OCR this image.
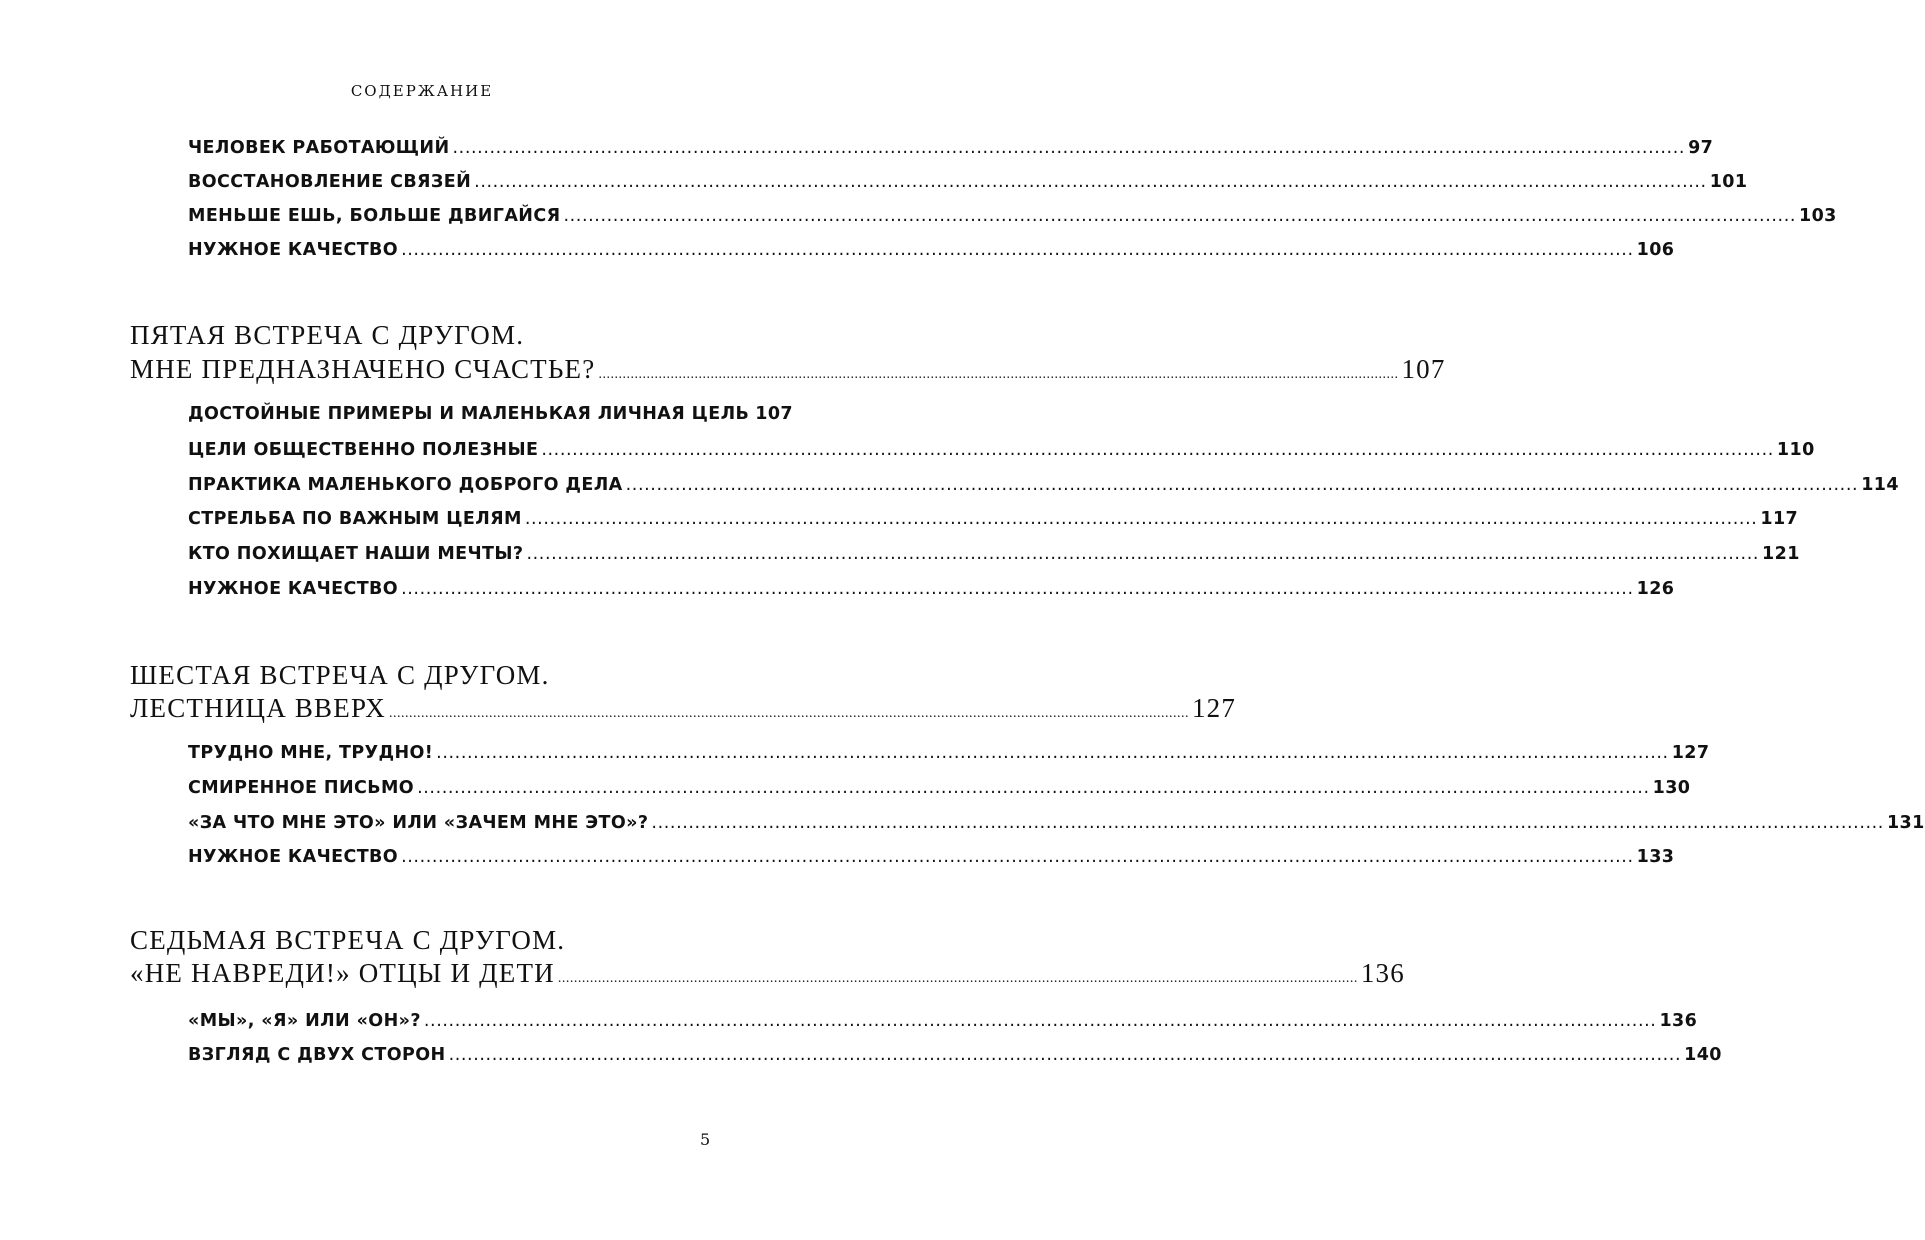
СОДЕРЖАНИЕ
ЧЕЛОВЕК РАБОТАЮЩИЙ .....	97
ВОССТАНОВЛЕНИЕ СВЯЗЕЙ .....	101
МЕНЬШЕ ЕШЬ, БОЛЬШЕ ДВИГАЙСЯ .....	103
НУЖНОЕ КАЧЕСТВО .....	106
ПЯТАЯ ВСТРЕЧА С ДРУГОМ.
МНЕ ПРЕДНАЗНАЧЕНО СЧАСТЬЕ? .....	107
ДОСТОЙНЫЕ ПРИМЕРЫ И МАЛЕНЬКАЯ ЛИЧНАЯ ЦЕЛЬ 107
ЦЕЛИ ОБЩЕСТВЕННО ПОЛЕЗНЫЕ .....	110
ПРАКТИКА МАЛЕНЬКОГО ДОБРОГО ДЕЛА .....	114
СТРЕЛЬБА ПО ВАЖНЫМ ЦЕЛЯМ .....	117
КТО ПОХИЩАЕТ НАШИ МЕЧТЫ? .....	121
НУЖНОЕ КАЧЕСТВО .....	126
ШЕСТАЯ ВСТРЕЧА С ДРУГОМ.
ЛЕСТНИЦА ВВЕРХ .....	127
ТРУДНО МНЕ, ТРУДНО! .....	127
СМИРЕННОЕ ПИСЬМО .....	130
«ЗА ЧТО МНЕ ЭТО» ИЛИ «ЗАЧЕМ МНЕ ЭТО»? .....	131
НУЖНОЕ КАЧЕСТВО .....	133
СЕДЬМАЯ ВСТРЕЧА С ДРУГОМ.
«НЕ НАВРЕДИ!» ОТЦЫ И ДЕТИ .....	136
«МЫ», «Я» ИЛИ «ОН»? .....	136
ВЗГЛЯД С ДВУХ СТОРОН .....	140
5
